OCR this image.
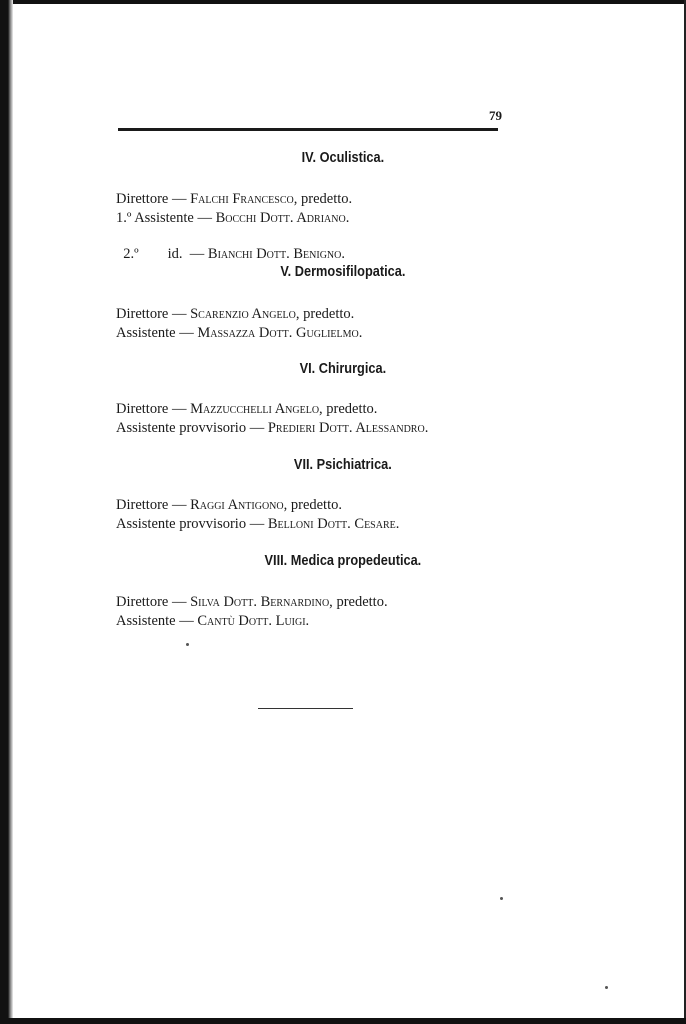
79
IV. Oculistica.
Direttore — Falchi Francesco, predetto.
1.º Assistente — Bocchi Dott. Adriano.

2.º        id. — Bianchi Dott. Benigno.

V. Dermosifilopatica.
Direttore — Scarenzio Angelo, predetto.
Assistente — Massazza Dott. Guglielmo.
VI. Chirurgica.
Direttore — Mazzucchelli Angelo, predetto.
Assistente provvisorio — Predieri Dott. Alessandro.
VII. Psichiatrica.
Direttore — Raggi Antigono, predetto.
Assistente provvisorio — Belloni Dott. Cesare.
VIII. Medica propedeutica.
Direttore — Silva Dott. Bernardino, predetto.
Assistente — Cantù Dott. Luigi.
